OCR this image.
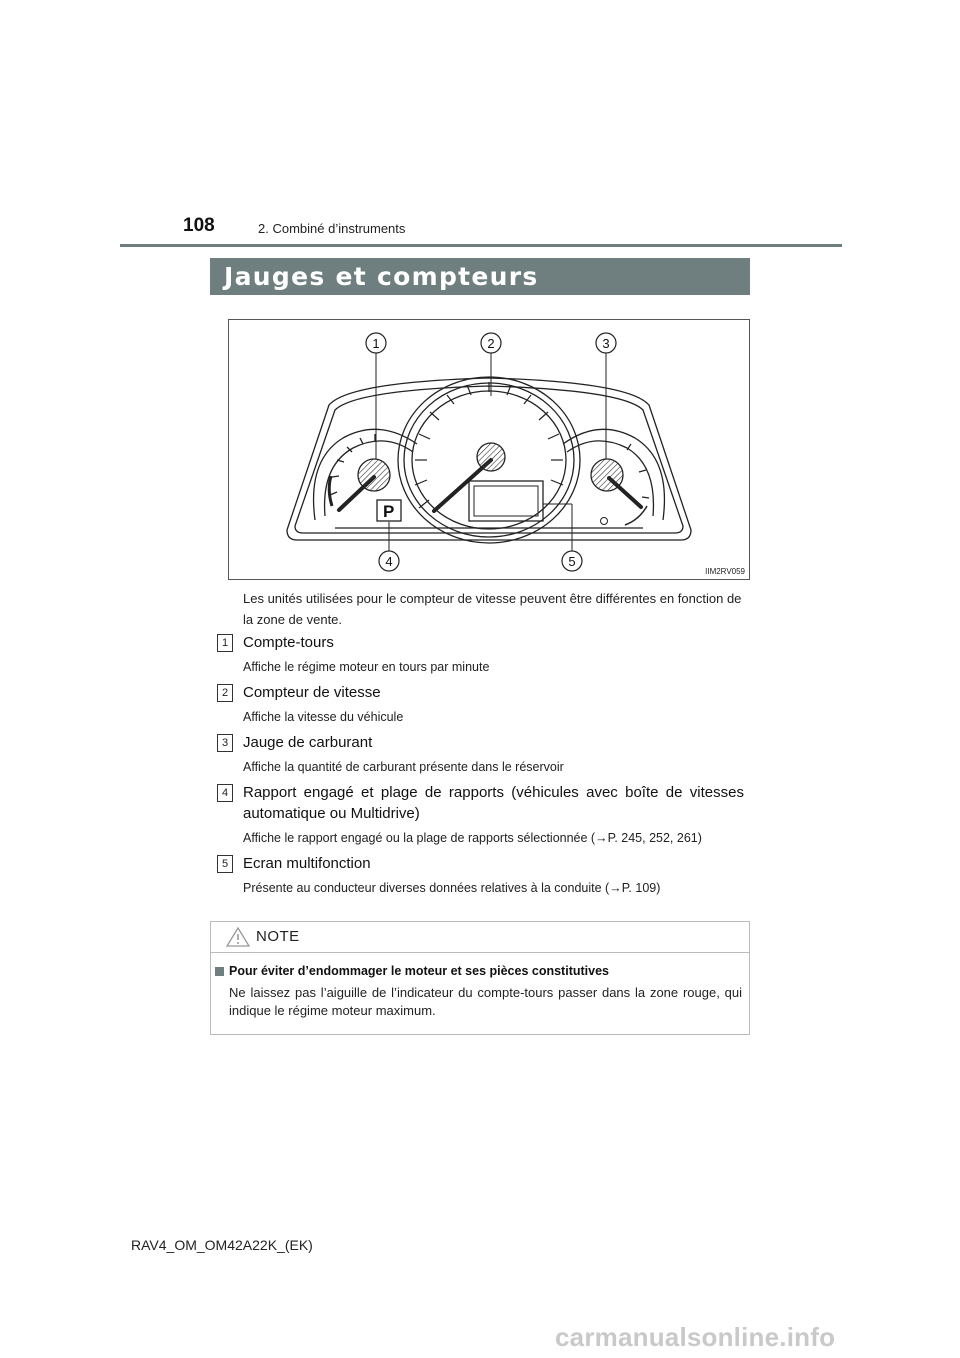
108	2. Combiné d’instruments
Jauges et compteurs
P
1	2	3
4	5
IIM2RV059
Les unités utilisées pour le compteur de vitesse peuvent être différentes en fonction de la zone de vente.
1 Compte-tours
Affiche le régime moteur en tours par minute
2 Compteur de vitesse
Affiche la vitesse du véhicule
3 Jauge de carburant
Affiche la quantité de carburant présente dans le réservoir
4 Rapport engagé et plage de rapports (véhicules avec boîte de vitesses automatique ou Multidrive)
Affiche le rapport engagé ou la plage de rapports sélectionnée (→P. 245, 252, 261)
5 Ecran multifonction
Présente au conducteur diverses données relatives à la conduite (→P. 109)
NOTE
Pour éviter d’endommager le moteur et ses pièces constitutives
Ne laissez pas l’aiguille de l’indicateur du compte-tours passer dans la zone rouge, qui indique le régime moteur maximum.
RAV4_OM_OM42A22K_(EK)
carmanualsonline.info
